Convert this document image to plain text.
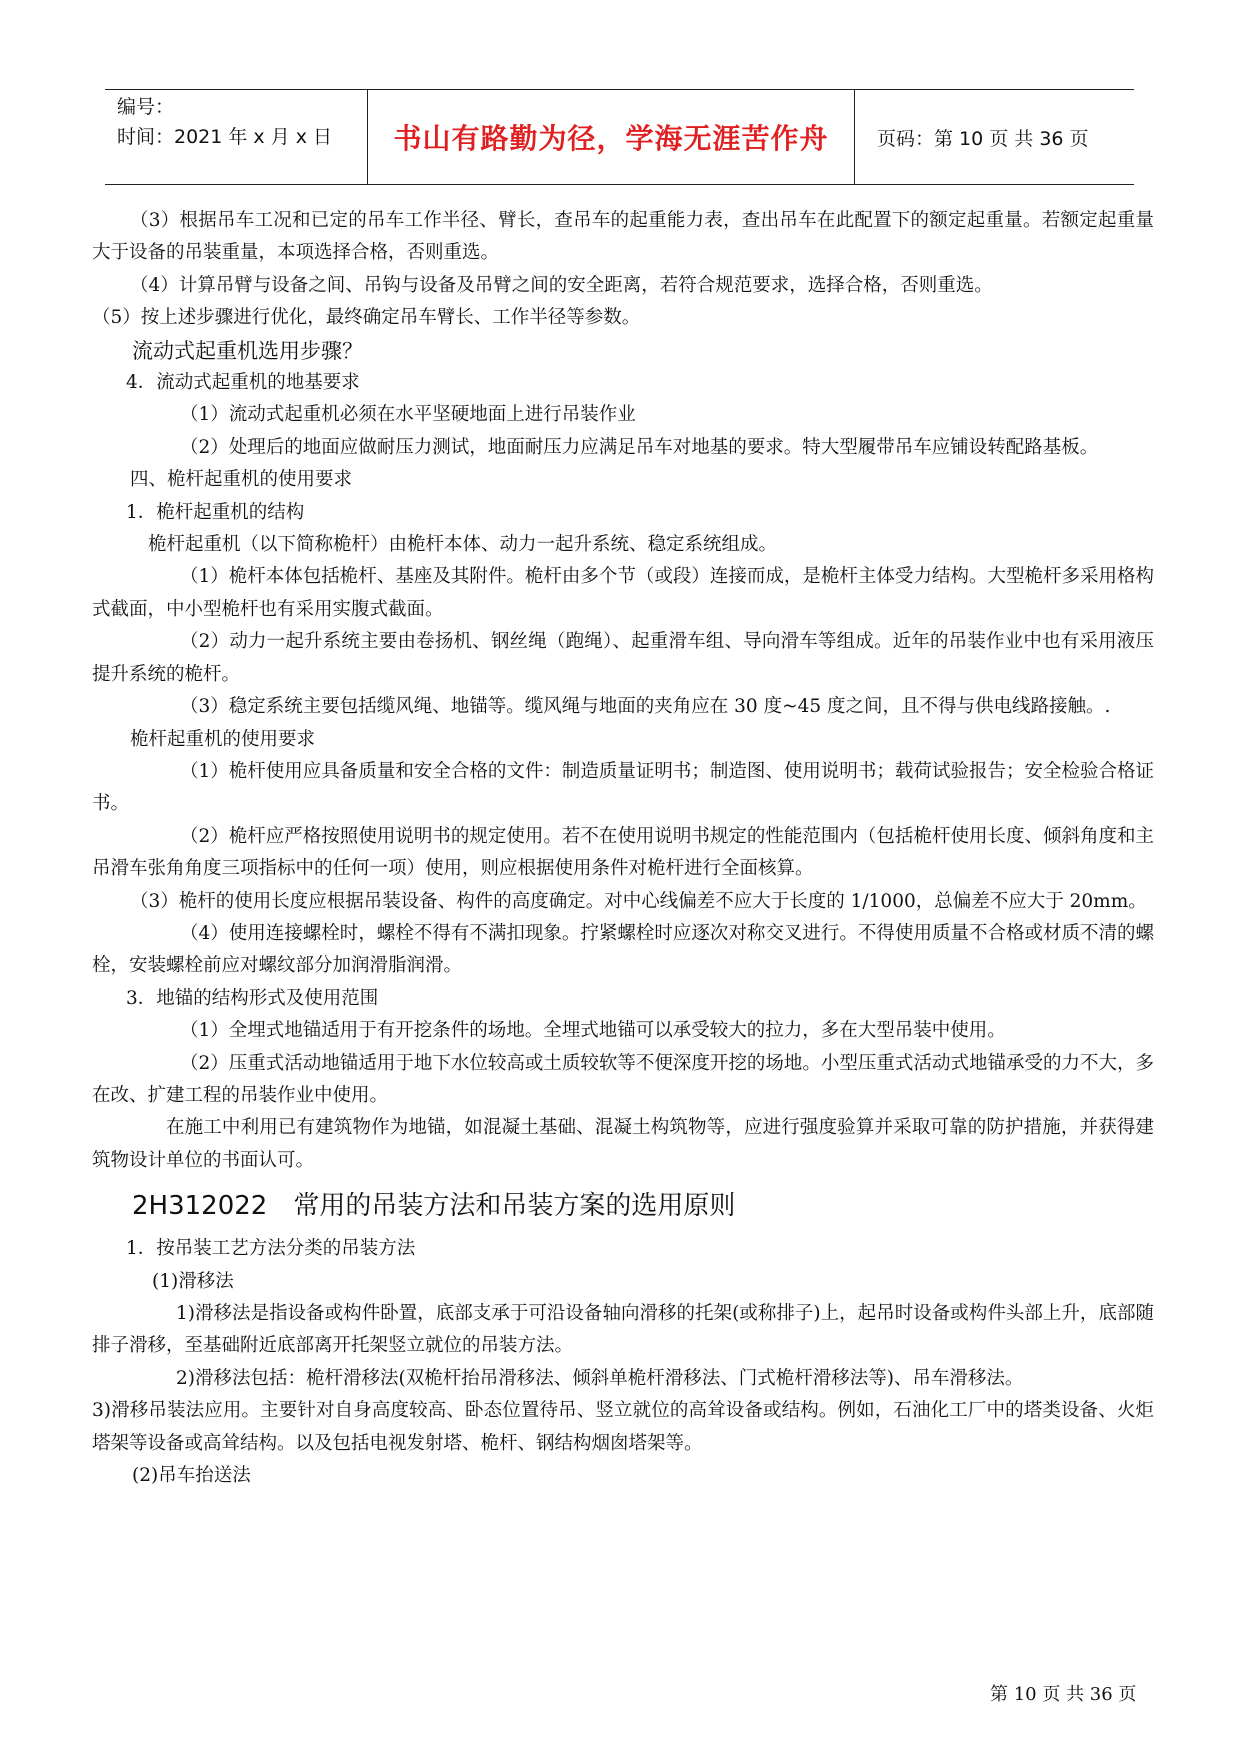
编号：
时间：2021 年 x 月 x 日	书山有路勤为径，学海无涯苦作舟	页码：第 10 页 共 36 页

（3）根据吊车工况和已定的吊车工作半径、臂长，查吊车的起重能力表，查出吊车在此配置下的额定起重量。若额定起重量大于设备的吊装重量，本项选择合格，否则重选。

（4）计算吊臂与设备之间、吊钩与设备及吊臂之间的安全距离，若符合规范要求，选择合格，否则重选。

（5）按上述步骤进行优化，最终确定吊车臂长、工作半径等参数。

流动式起重机选用步骤？

4．流动式起重机的地基要求

（1）流动式起重机必须在水平坚硬地面上进行吊装作业

（2）处理后的地面应做耐压力测试，地面耐压力应满足吊车对地基的要求。特大型履带吊车应铺设转配路基板。

四、桅杆起重机的使用要求

1．桅杆起重机的结构

桅杆起重机（以下简称桅杆）由桅杆本体、动力一起升系统、稳定系统组成。

（1）桅杆本体包括桅杆、基座及其附件。桅杆由多个节（或段）连接而成，是桅杆主体受力结构。大型桅杆多采用格构式截面，中小型桅杆也有采用实腹式截面。

（2）动力一起升系统主要由卷扬机、钢丝绳（跑绳）、起重滑车组、导向滑车等组成。近年的吊装作业中也有采用液压提升系统的桅杆。

（3）稳定系统主要包括缆风绳、地锚等。缆风绳与地面的夹角应在 30 度~45 度之间，且不得与供电线路接触。.

桅杆起重机的使用要求

（1）桅杆使用应具备质量和安全合格的文件：制造质量证明书；制造图、使用说明书；载荷试验报告；安全检验合格证书。

（2）桅杆应严格按照使用说明书的规定使用。若不在使用说明书规定的性能范围内（包括桅杆使用长度、倾斜角度和主吊滑车张角角度三项指标中的任何一项）使用，则应根据使用条件对桅杆进行全面核算。

（3）桅杆的使用长度应根据吊装设备、构件的高度确定。对中心线偏差不应大于长度的 1/1000，总偏差不应大于 20mm。

（4）使用连接螺栓时，螺栓不得有不满扣现象。拧紧螺栓时应逐次对称交叉进行。不得使用质量不合格或材质不清的螺栓，安装螺栓前应对螺纹部分加润滑脂润滑。

3．地锚的结构形式及使用范围

（1）全埋式地锚适用于有开挖条件的场地。全埋式地锚可以承受较大的拉力，多在大型吊装中使用。

（2）压重式活动地锚适用于地下水位较高或土质较软等不便深度开挖的场地。小型压重式活动式地锚承受的力不大，多在改、扩建工程的吊装作业中使用。

在施工中利用已有建筑物作为地锚，如混凝土基础、混凝土构筑物等，应进行强度验算并采取可靠的防护措施，并获得建筑物设计单位的书面认可。

2H312022　常用的吊装方法和吊装方案的选用原则

1．按吊装工艺方法分类的吊装方法

(1)滑移法

1)滑移法是指设备或构件卧置，底部支承于可沿设备轴向滑移的托架(或称排子)上，起吊时设备或构件头部上升，底部随排子滑移，至基础附近底部离开托架竖立就位的吊装方法。

2)滑移法包括：桅杆滑移法(双桅杆抬吊滑移法、倾斜单桅杆滑移法、门式桅杆滑移法等)、吊车滑移法。

3)滑移吊装法应用。主要针对自身高度较高、卧态位置待吊、竖立就位的高耸设备或结构。例如，石油化工厂中的塔类设备、火炬塔架等设备或高耸结构。以及包括电视发射塔、桅杆、钢结构烟囱塔架等。

(2)吊车抬送法

第 10 页 共 36 页
